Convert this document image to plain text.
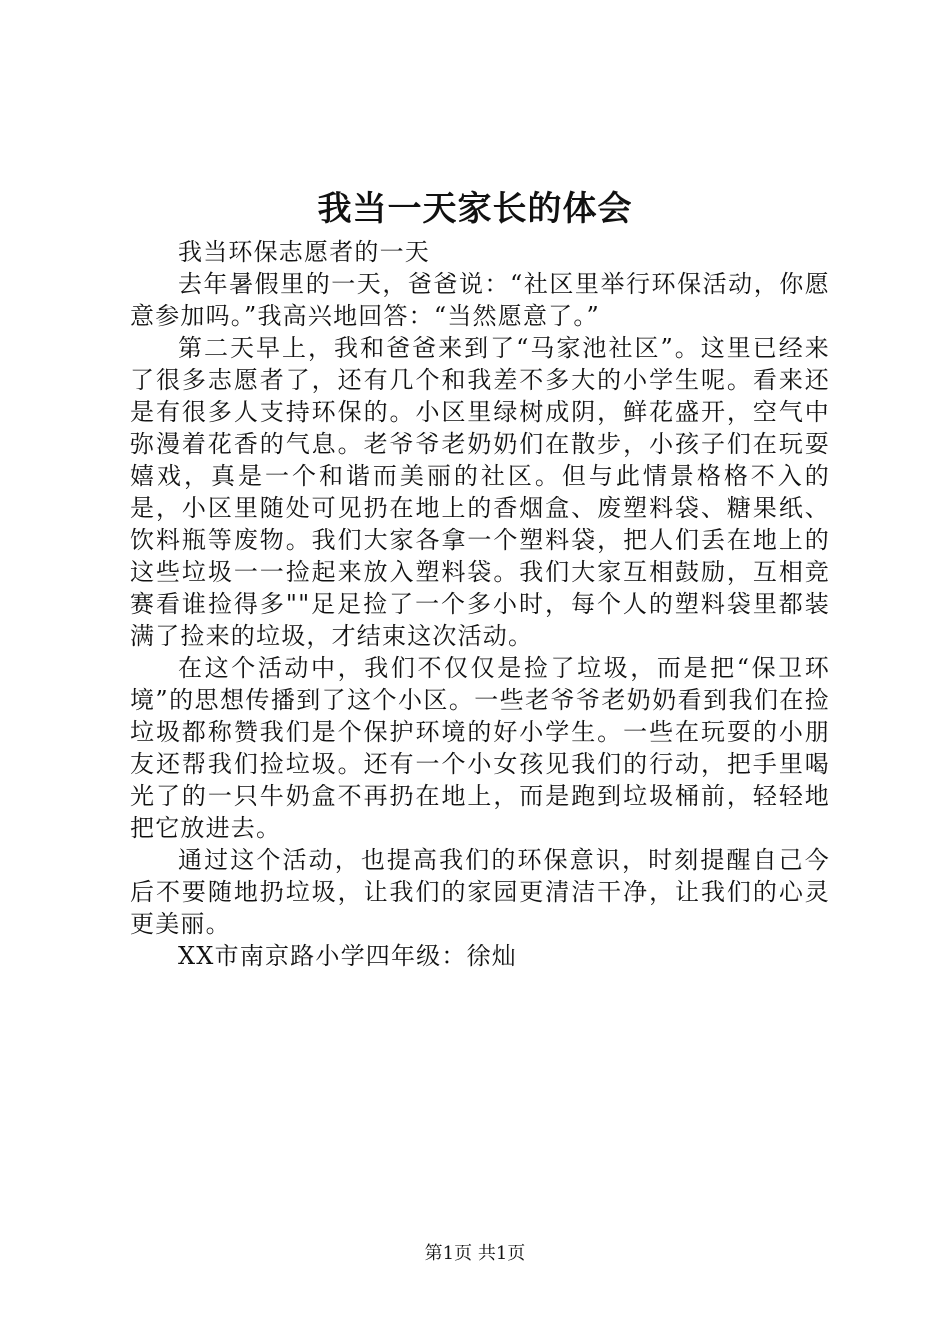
我当一天家长的体会

我当环保志愿者的一天

去年暑假里的一天，爸爸说：“社区里举行环保活动，你愿意参加吗。”我高兴地回答：“当然愿意了。”

第二天早上，我和爸爸来到了“马家池社区”。这里已经来了很多志愿者了，还有几个和我差不多大的小学生呢。看来还是有很多人支持环保的。小区里绿树成阴，鲜花盛开，空气中弥漫着花香的气息。老爷爷老奶奶们在散步，小孩子们在玩耍嬉戏，真是一个和谐而美丽的社区。但与此情景格格不入的是，小区里随处可见扔在地上的香烟盒、废塑料袋、糖果纸、饮料瓶等废物。我们大家各拿一个塑料袋，把人们丢在地上的这些垃圾一一捡起来放入塑料袋。我们大家互相鼓励，互相竞赛看谁捡得多""足足捡了一个多小时，每个人的塑料袋里都装满了捡来的垃圾，才结束这次活动。

在这个活动中，我们不仅仅是捡了垃圾，而是把“保卫环境”的思想传播到了这个小区。一些老爷爷老奶奶看到我们在捡垃圾都称赞我们是个保护环境的好小学生。一些在玩耍的小朋友还帮我们捡垃圾。还有一个小女孩见我们的行动，把手里喝光了的一只牛奶盒不再扔在地上，而是跑到垃圾桶前，轻轻地把它放进去。

通过这个活动，也提高我们的环保意识，时刻提醒自己今后不要随地扔垃圾，让我们的家园更清洁干净，让我们的心灵更美丽。

XX市南京路小学四年级：徐灿

第1页 共1页
